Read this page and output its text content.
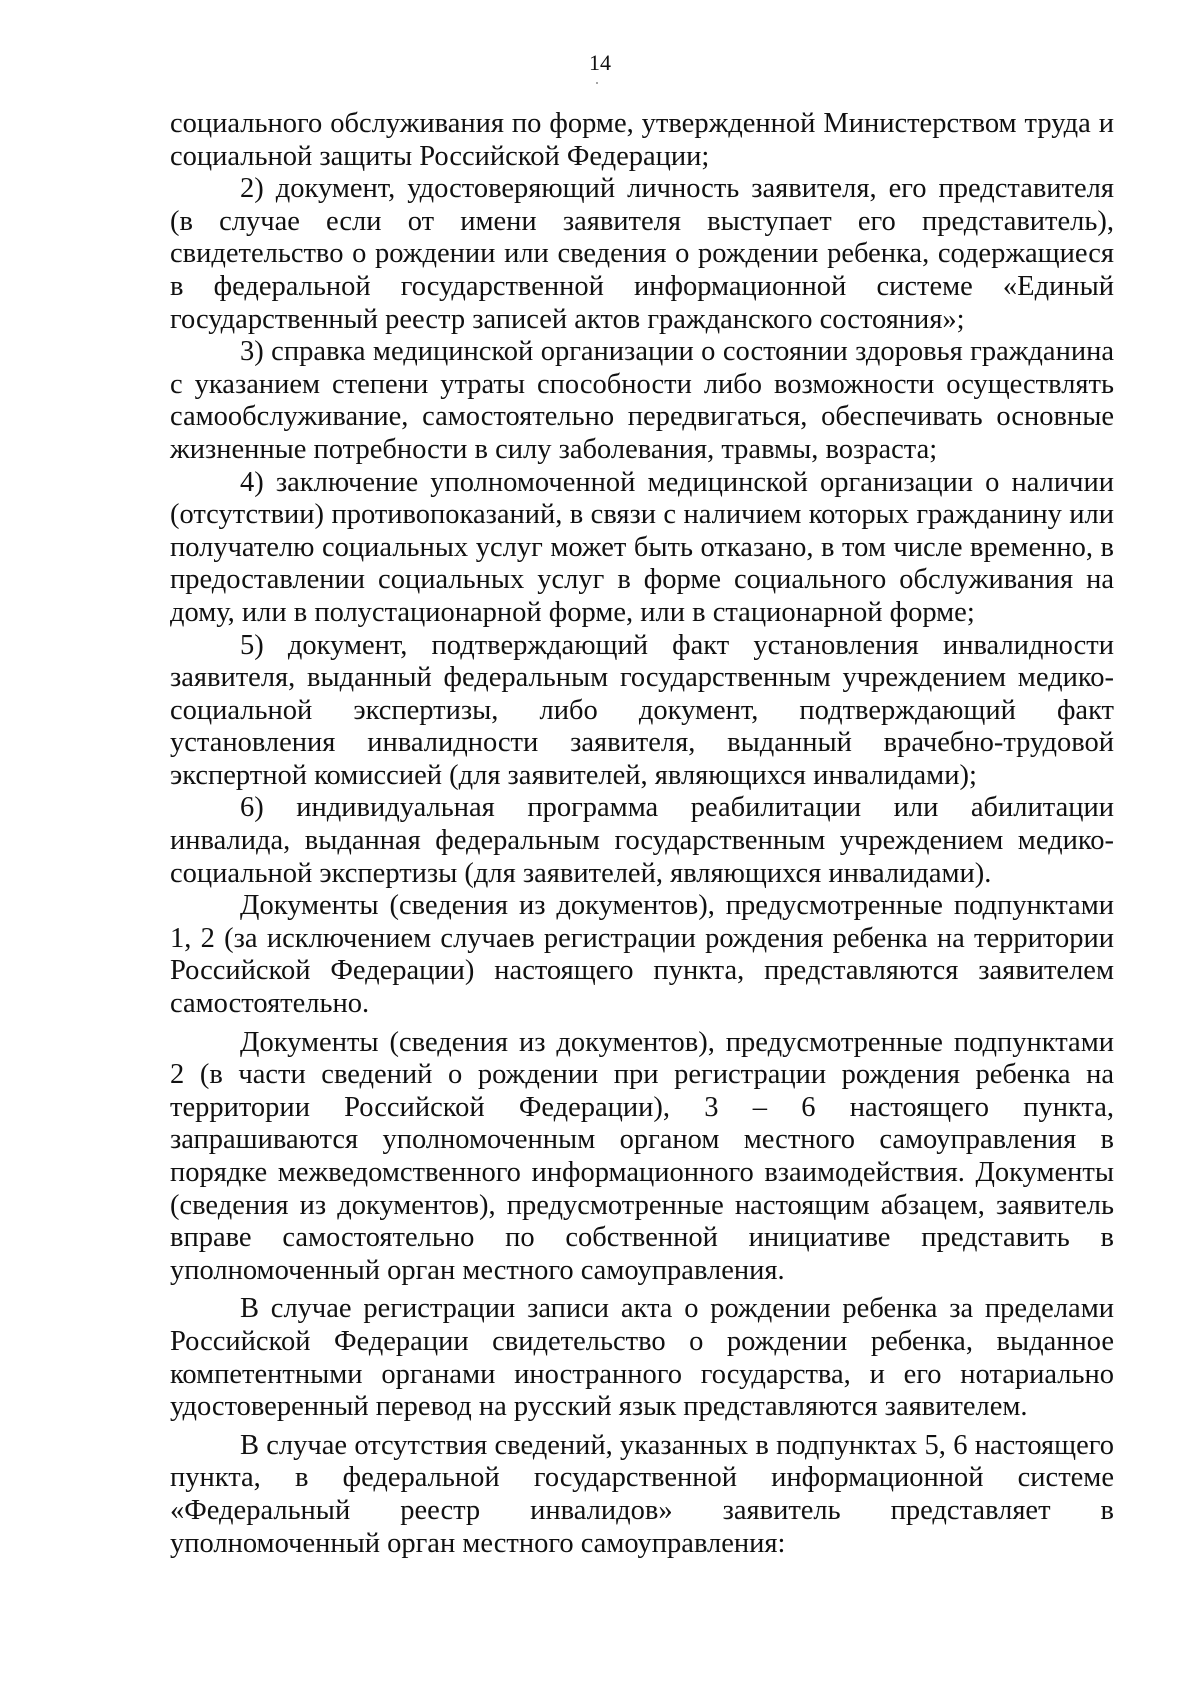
14

социального обслуживания по форме, утвержденной Министерством труда и социальной защиты Российской Федерации;

2) документ, удостоверяющий личность заявителя, его представителя (в случае если от имени заявителя выступает его представитель), свидетельство о рождении или сведения о рождении ребенка, содержащиеся в федеральной государственной информационной системе «Единый государственный реестр записей актов гражданского состояния»;

3) справка медицинской организации о состоянии здоровья гражданина с указанием степени утраты способности либо возможности осуществлять самообслуживание, самостоятельно передвигаться, обеспечивать основные жизненные потребности в силу заболевания, травмы, возраста;

4) заключение уполномоченной медицинской организации о наличии (отсутствии) противопоказаний, в связи с наличием которых гражданину или получателю социальных услуг может быть отказано, в том числе временно, в предоставлении социальных услуг в форме социального обслуживания на дому, или в полустационарной форме, или в стационарной форме;

5) документ, подтверждающий факт установления инвалидности заявителя, выданный федеральным государственным учреждением медико-социальной экспертизы, либо документ, подтверждающий факт установления инвалидности заявителя, выданный врачебно-трудовой экспертной комиссией (для заявителей, являющихся инвалидами);

6) индивидуальная программа реабилитации или абилитации инвалида, выданная федеральным государственным учреждением медико-социальной экспертизы (для заявителей, являющихся инвалидами).

Документы (сведения из документов), предусмотренные подпунктами 1, 2 (за исключением случаев регистрации рождения ребенка на территории Российской Федерации) настоящего пункта, представляются заявителем самостоятельно.

Документы (сведения из документов), предусмотренные подпунктами 2 (в части сведений о рождении при регистрации рождения ребенка на территории Российской Федерации), 3 – 6 настоящего пункта, запрашиваются уполномоченным органом местного самоуправления в порядке межведомственного информационного взаимодействия. Документы (сведения из документов), предусмотренные настоящим абзацем, заявитель вправе самостоятельно по собственной инициативе представить в уполномоченный орган местного самоуправления.

В случае регистрации записи акта о рождении ребенка за пределами Российской Федерации свидетельство о рождении ребенка, выданное компетентными органами иностранного государства, и его нотариально удостоверенный перевод на русский язык представляются заявителем.

В случае отсутствия сведений, указанных в подпунктах 5, 6 настоящего пункта, в федеральной государственной информационной системе «Федеральный реестр инвалидов» заявитель представляет в уполномоченный орган местного самоуправления:
